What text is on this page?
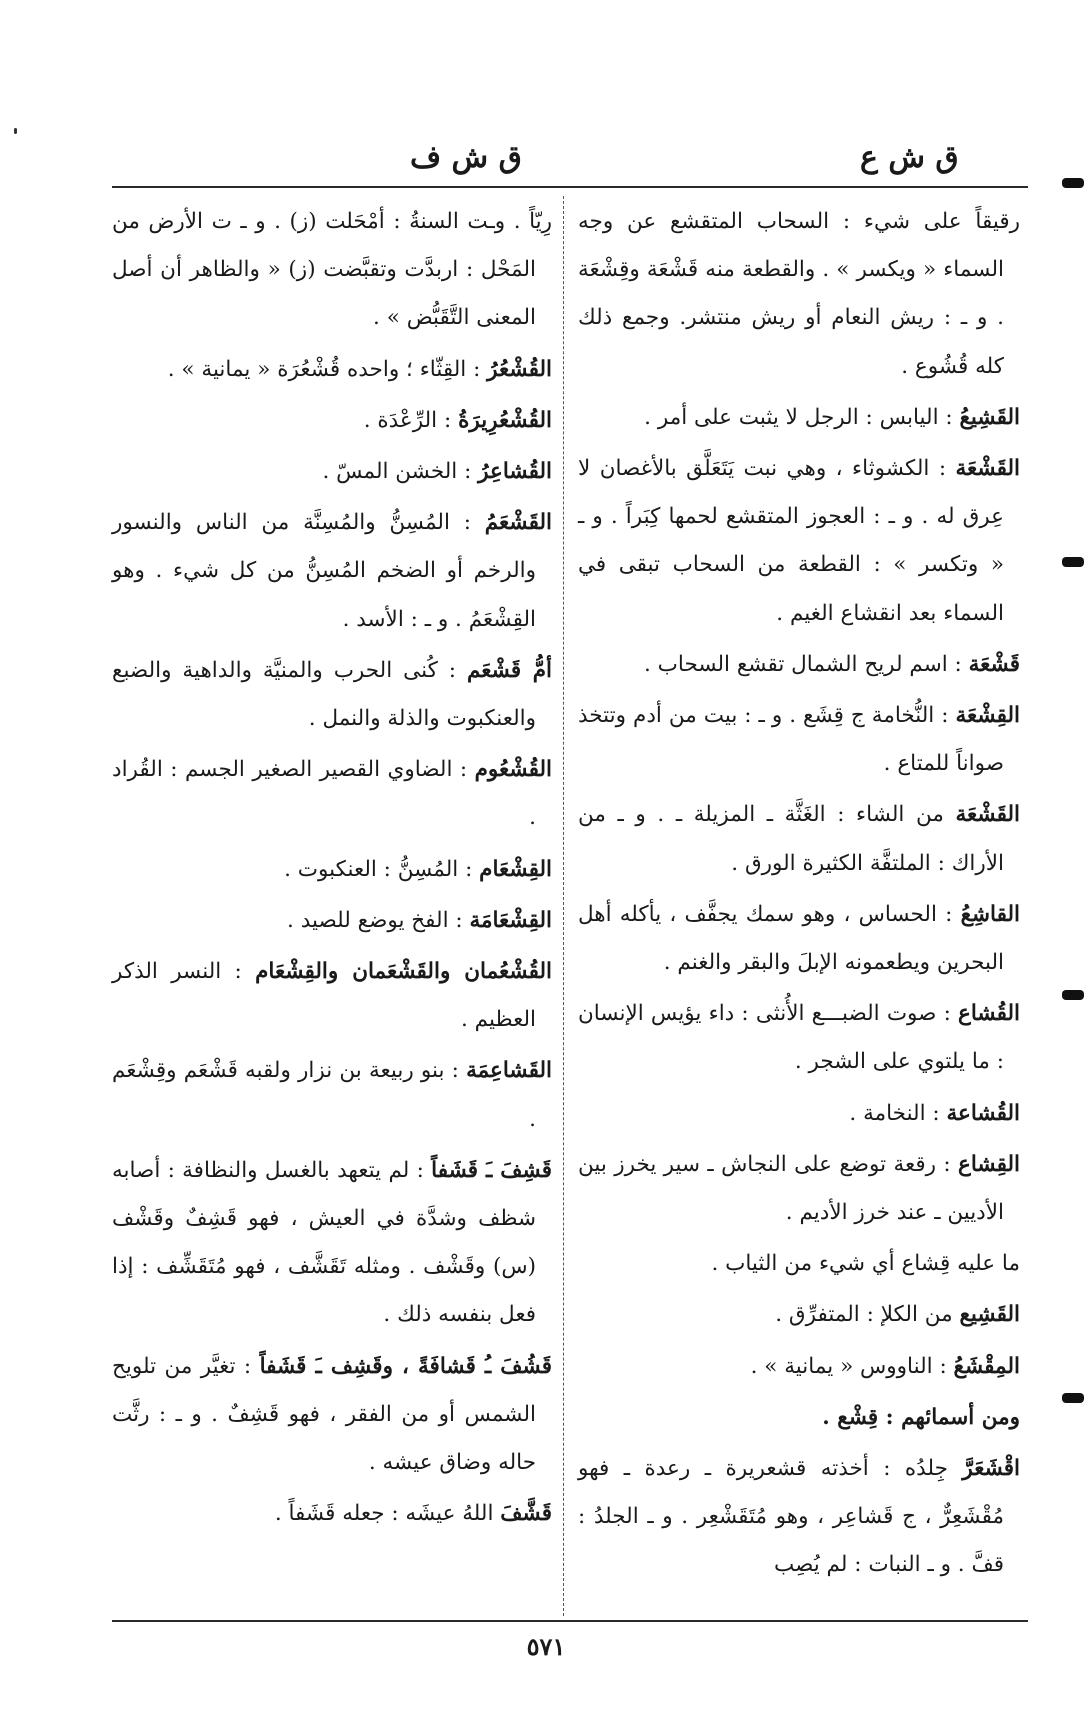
ق ش ع
ق ش ف

رقيقاً على شيء : السحاب المتقشع عن وجه السماء « ويكسر » . والقطعة منه قَشْعَة وقِشْعَة . و ـ : ريش النعام أو ريش منتشر. وجمع ذلك كله قُشُوع .

القَشِيعُ : اليابس : الرجل لا يثبت على أمر .

القَشْعَة : الكشوثاء ، وهي نبت يَتَعَلَّق بالأغصان لا عِرق له . و ـ : العجوز المتقشع لحمها كِبَراً . و ـ « وتكسر » : القطعة من السحاب تبقى في السماء بعد انقشاع الغيم .

قَشْعَة : اسم لريح الشمال تقشع السحاب .

القِشْعَة : النُّخامة ج قِشَع . و ـ : بيت من أدم وتتخذ صواناً للمتاع .

القَشْعَة من الشاء : الغَثَّة ـ المزيلة ـ . و ـ من الأراك : الملتفَّة الكثيرة الورق .

القاشِعُ : الحساس ، وهو سمك يجفَّف ، يأكله أهل البحرين ويطعمونه الإبلَ والبقر والغنم .

القُشاع : صوت الضبـــع الأُنثى : داء يؤيس الإنسان : ما يلتوي على الشجر .

القُشاعة : النخامة .

القِشاع : رقعة توضع على النجاش ـ سير يخرز بين الأديين ـ عند خرز الأديم .

ما عليه قِشاع أي شيء من الثياب .

القَشِيع من الكلإ : المتفرِّق .

المِقْشَعُ : الناووس « يمانية » .

ومن أسمائهم : قِشْع .

اقْشَعَرَّ جِلدُه : أخذته قشعريرة ـ رعدة ـ فهو مُقْشَعِرٌّ ، ج قَشاعِر ، وهو مُتَقَشْعِر . و ـ الجلدُ : قفَّ . و ـ النبات : لم يُصِب

رِيّاً . وـت السنةُ : أمْحَلت (ز) . و ـ ت الأرض من المَحْل : اربدَّت وتقبَّضت (ز) « والظاهر أن أصل المعنى التَّقَبُّض » .

القُشْعُرُ : القِثّاء ؛ واحده قُشْعُرَة « يمانية » .

القُشْعُرِيرَةُ : الرِّعْدَة .

القُشاعِرُ : الخشن المسّ .

القَشْعَمُ : المُسِنُّ والمُسِنَّة من الناس والنسور والرخم أو الضخم المُسِنُّ من كل شيء . وهو القِشْعَمُ . و ـ : الأسد .

أمُّ قَشْعَم : كُنى الحرب والمنيَّة والداهية والضبع والعنكبوت والذلة والنمل .

القُشْعُوم : الضاوي القصير الصغير الجسم : القُراد .

القِشْعَام : المُسِنُّ : العنكبوت .

القِشْعَامَة : الفخ يوضع للصيد .

القُشْعُمان والقَشْعَمان والقِشْعَام : النسر الذكر العظيم .

القَشاعِمَة : بنو ربيعة بن نزار ولقبه قَشْعَم وقِشْعَم .

قَشِفَ ـَ قَشَفاً : لم يتعهد بالغسل والنظافة : أصابه شظف وشدَّة في العيش ، فهو قَشِفٌ وقَشْف (س) وقَشْف . ومثله تَقَشَّف ، فهو مُتَقَشِّف : إذا فعل بنفسه ذلك .

قَشُفَ ـُ قَشافَةً ، وقَشِف ـَ قَشَفاً : تغيَّر من تلويح الشمس أو من الفقر ، فهو قَشِفٌ . و ـ : رثَّت حاله وضاق عيشه .

قَشَّفَ اللهُ عيشَه : جعله قَشَفاً .

٥٧١
